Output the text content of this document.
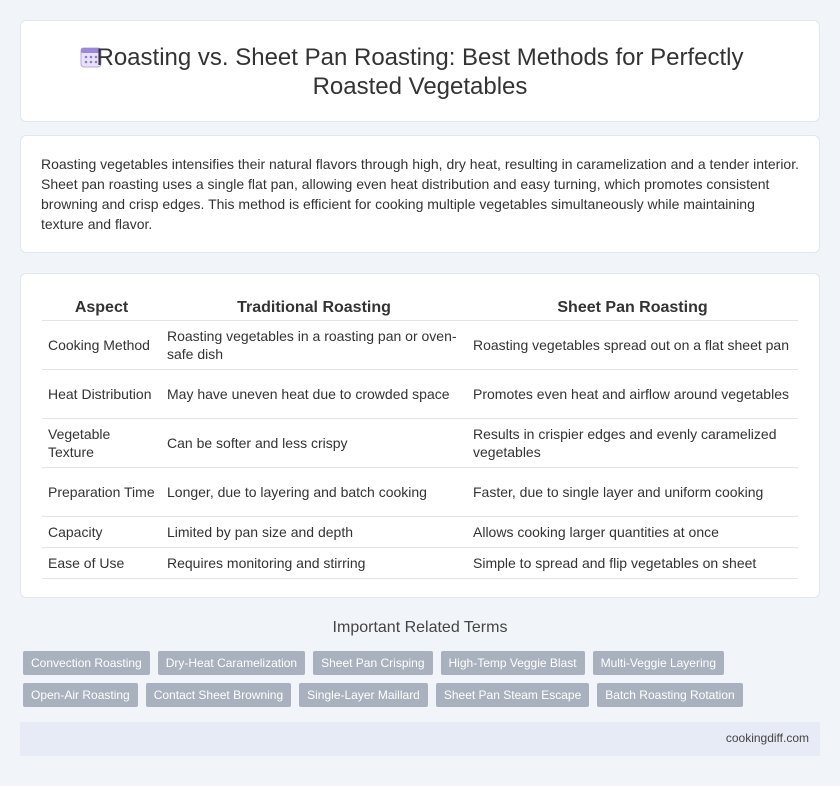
Roasting vs. Sheet Pan Roasting: Best Methods for Perfectly Roasted Vegetables

Roasting vegetables intensifies their natural flavors through high, dry heat, resulting in caramelization and a tender interior. Sheet pan roasting uses a single flat pan, allowing even heat distribution and easy turning, which promotes consistent browning and crisp edges. This method is efficient for cooking multiple vegetables simultaneously while maintaining texture and flavor.

Aspect	Traditional Roasting	Sheet Pan Roasting
Cooking Method	Roasting vegetables in a roasting pan or oven-safe dish	Roasting vegetables spread out on a flat sheet pan
Heat Distribution	May have uneven heat due to crowded space	Promotes even heat and airflow around vegetables
Vegetable Texture	Can be softer and less crispy	Results in crispier edges and evenly caramelized vegetables
Preparation Time	Longer, due to layering and batch cooking	Faster, due to single layer and uniform cooking
Capacity	Limited by pan size and depth	Allows cooking larger quantities at once
Ease of Use	Requires monitoring and stirring	Simple to spread and flip vegetables on sheet
Important Related Terms
Convection Roasting	Dry-Heat Caramelization	Sheet Pan Crisping	High-Temp Veggie Blast	Multi-Veggie Layering
Open-Air Roasting	Contact Sheet Browning	Single-Layer Maillard	Sheet Pan Steam Escape	Batch Roasting Rotation
cookingdiff.com
